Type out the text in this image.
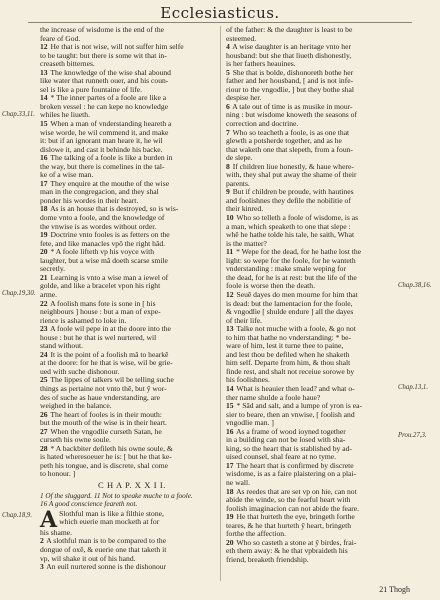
Ecclesiasticus.
the increase of wisdome is the end of the
feare of God.
12 He that is not wise, will not suffer him selfe
to be taught: but there is some wit that in-
creaseth bitternes.
13 The knowledge of the wise shal abound
like water that runneth ouer, and his coun-
sel is like a pure fountaine of life.
14 * The inner partes of a foole are like a
broken vessel : he can kepe no knowledge
whiles he liueth.
15 When a man of vnderstanding heareth a
wise worde, he wil commend it, and make
it: but if an ignorant man heare it, he wil
dislowe it, and cast it behinde his backe.
16 The talking of a foole is like a burden in
the way, but there is comelines in the tal-
ke of a wise man.
17 They enquire at the mouthe of the wise
man in the congregacion, and they shal
ponder his wordes in their heart.
18 As is an house that is destroyed, so is wis-
dome vnto a foole, and the knowledge of
the vnwise is as wordes without order.
19 Doctrine vnto fooles is as fetters on the
fete, and like manacles vpõ the right hãd.
20 * A foole lifteth vp his voyce with
laughter, but a wise mã doeth scarse smile
secretly.
21 Learning is vnto a wise man a iewel of
golde, and like a bracelet vpon his right
arme.
22 A foolish mans fote is sone in [ his
neighbours ] house : but a man of expe-
rience is ashamed to loke in.
23 A foole wil pepe in at the doore into the
house : but he that is wel nurtered, wil
stand without.
24 It is the point of a foolish mã to hearkẽ
at the doore: for he that is wise, wil be grie-
ued with suche dishonour.
25 The lippes of talkers wil be telling suche
things as pertaine not vnto thẽ, but ỹ wor-
des of suche as haue vnderstanding, are
weighed in the balance.
26 The heart of fooles is in their mouth:
but the mouth of the wise is in their heart.
27 When the vngodlie curseth Satan, he
curseth his owne soule.
28 * A backbiter defileth his owne soule, &
is hated wheresoeuer he is: [ but he that ke-
peth his tongue, and is discrete, shal come
to honour. ]
C H A P. X X I I.
1 Of the sluggard. 11 Not to speake muche to a foole.
16 A good conscience feareth not.
A Slothful man is like a filthie stone,
which euerie man mocketh at for
his shame.
2 A slothful man is to be compared to the
dongue of oxẽ, & euerie one that taketh it
vp, wil shake it out of his hand.
3 An euil nurtered sonne is the dishonour
of the father: & the daughter is least to be
esteemed.
4 A wise daughter is an heritage vnto her
housband: but she that liueth dishonestly,
is her fathers heauines.
5 She that is bolde, dishonoreth bothe her
father and her housband, [ and is not infe-
riour to the vngodlie, ] but they bothe shal
despise her.
6 A tale out of time is as musike in mour-
ning : but wisdome knoweth the seasons of
correction and doctrine.
7 Who so teacheth a foole, is as one that
glewth a potsherde together, and as he
that waketh one that slepeth, from a foun-
de slepe.
8 If children liue honestly, & haue where-
with, they shal put away the shame of their
parents.
9 But if children be proude, with hautines
and foolishnes they defile the nobilitie of
their kinred.
10 Who so telleth a foole of wisdome, is as
a man, which speaketh to one that slepe :
whẽ he hathe tolde his tale, he saith, What
is the matter?
11 * Wepe for the dead, for he hathe lost the
light: so wepe for the foole, for he wanteth
vnderstanding : make smale weping for
the dead, for he is at rest: but the life of the
foole is worse then the death.
12 Seuē dayes do men mourne for him that
is dead: but the lamentacion for the foole,
& vngodlie [ shulde endure ] all the dayes
of their life.
13 Talke not muche with a foole, & go not
to him that hathe no vnderstanding: * be-
ware of him, lest it turne thee to paine,
and lest thou be defiled when he shaketh
him self. Departe from him, & thou shalt
finde rest, and shalt not receiue sorowe by
his foolishnes.
14 What is heauier then lead? and what o-
ther name shulde a foole haue?
15 * Sãd and salt, and a lumpe of yron is ea-
sier to beare, then an vnwise, [ foolish and
vngodlie man. ]
16 As a frame of wood ioyned together
in a building can not be losed with sha-
king, so the heart that is stablished by ad-
uised counsel, shal feare at no tyme.
17 The heart that is confirmed by discrete
wisdome, is as a faire plaistering on a plai-
ne wall.
18 As reedes that are set vp on hie, can not
abide the winde, so the fearful heart with
foolish imaginacion can not abide the feare.
19 He that hurteth the eye, bringeth forthe
teares, & he that hurteth ỹ heart, bringeth
forthe the affection.
20 Who so casteth a stone at ỹ birdes, frai-
eth them away: & he that vpbraideth his
friend, breaketh friendship.
Chap.33,11.
Chap.19,30.
Chap.18,9.
Chap.38,16.
Chap.13,1.
Prou.27,3.
21 Thogh
